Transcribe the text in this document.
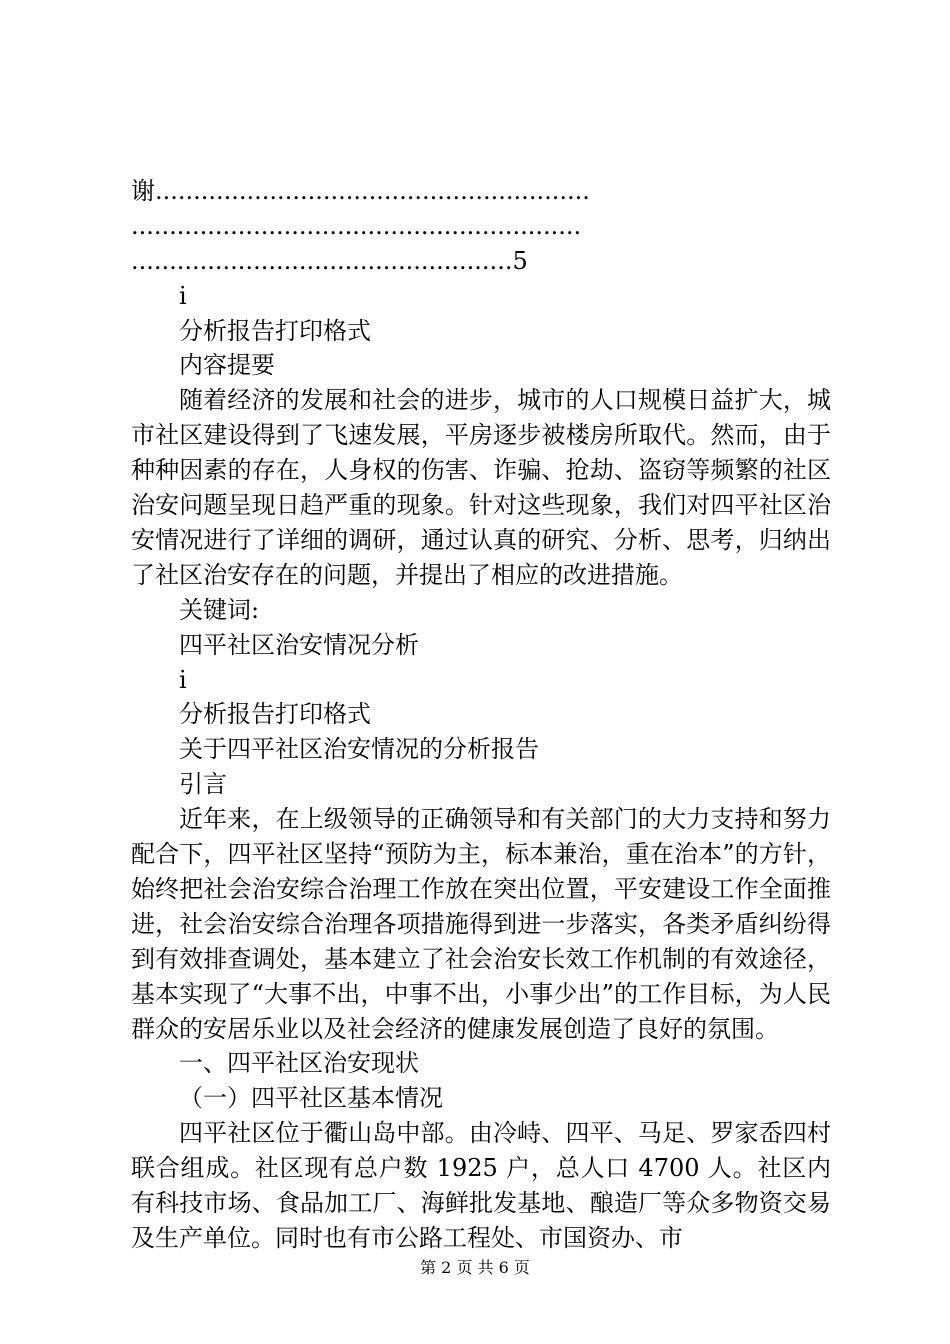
谢.........................................................
...........................................................
..................................................5
i
分析报告打印格式
内容提要

随着经济的发展和社会的进步，城市的人口规模日益扩大，城市社区建设得到了飞速发展，平房逐步被楼房所取代。然而，由于种种因素的存在，人身权的伤害、诈骗、抢劫、盗窃等频繁的社区治安问题呈现日趋严重的现象。针对这些现象，我们对四平社区治安情况进行了详细的调研，通过认真的研究、分析、思考，归纳出了社区治安存在的问题，并提出了相应的改进措施。

关键词:
四平社区治安情况分析
i
分析报告打印格式
关于四平社区治安情况的分析报告
引言

近年来，在上级领导的正确领导和有关部门的大力支持和努力配合下，四平社区坚持“预防为主，标本兼治，重在治本”的方针，始终把社会治安综合治理工作放在突出位置，平安建设工作全面推进，社会治安综合治理各项措施得到进一步落实，各类矛盾纠纷得到有效排查调处，基本建立了社会治安长效工作机制的有效途径，基本实现了“大事不出，中事不出，小事少出”的工作目标，为人民群众的安居乐业以及社会经济的健康发展创造了良好的氛围。

一、四平社区治安现状
（一）四平社区基本情况

四平社区位于衢山岛中部。由冷峙、四平、马足、罗家岙四村联合组成。社区现有总户数 1925 户，总人口 4700 人。社区内有科技市场、食品加工厂、海鲜批发基地、酿造厂等众多物资交易及生产单位。同时也有市公路工程处、市国资办、市

第 2 页 共 6 页
